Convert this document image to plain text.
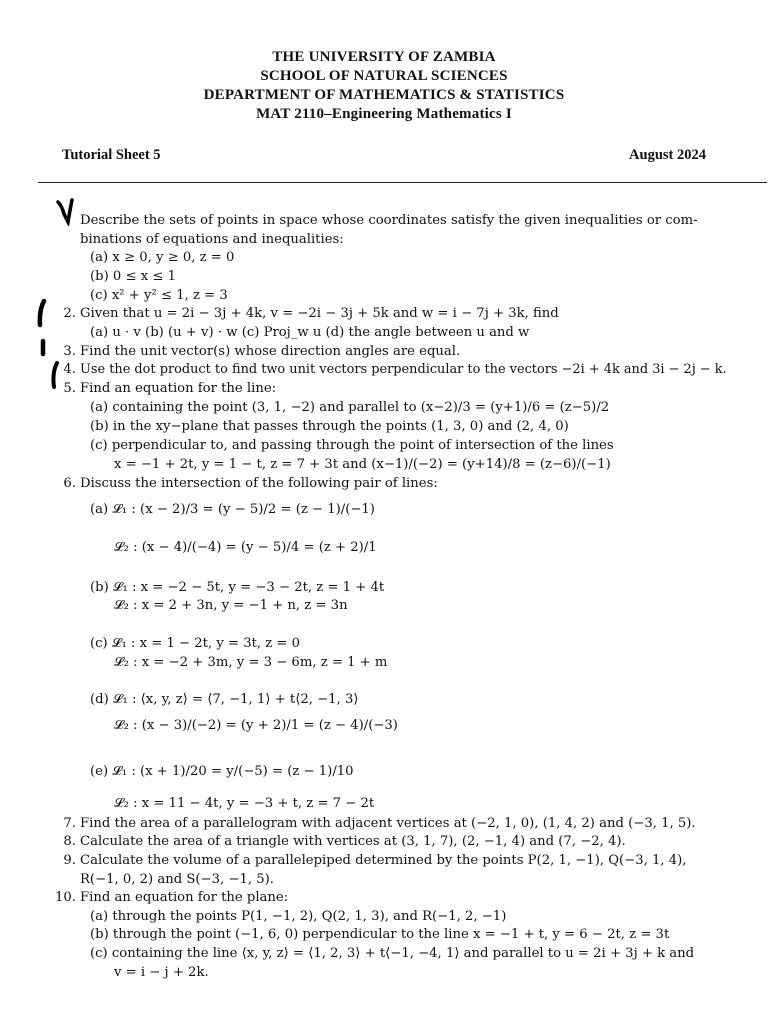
THE UNIVERSITY OF ZAMBIA
SCHOOL OF NATURAL SCIENCES
DEPARTMENT OF MATHEMATICS & STATISTICS
MAT 2110–Engineering Mathematics I
Tutorial Sheet 5	August 2024
Describe the sets of points in space whose coordinates satisfy the given inequalities or com-
binations of equations and inequalities:
(a) x ≥ 0, y ≥ 0, z = 0
(b) 0 ≤ x ≤ 1
(c) x² + y² ≤ 1, z = 3
2. Given that u = 2i − 3j + 4k, v = −2i − 3j + 5k and w = i − 7j + 3k, find
(a) u · v (b) (u + v) · w (c) Proj_w u (d) the angle between u and w
3. Find the unit vector(s) whose direction angles are equal.
4. Use the dot product to find two unit vectors perpendicular to the vectors −2i + 4k and 3i − 2j − k.
5. Find an equation for the line:
(a) containing the point (3, 1, −2) and parallel to (x−2)/3 = (y+1)/6 = (z−5)/2
(b) in the xy−plane that passes through the points (1, 3, 0) and (2, 4, 0)
(c) perpendicular to, and passing through the point of intersection of the lines
x = −1 + 2t, y = 1 − t, z = 7 + 3t and (x−1)/(−2) = (y+14)/8 = (z−6)/(−1)
6. Discuss the intersection of the following pair of lines:
(a) 𝓛₁ : (x − 2)/3 = (y − 5)/2 = (z − 1)/(−1)
𝓛₂ : (x − 4)/(−4) = (y − 5)/4 = (z + 2)/1
(b) 𝓛₁ : x = −2 − 5t, y = −3 − 2t, z = 1 + 4t
𝓛₂ : x = 2 + 3n, y = −1 + n, z = 3n
(c) 𝓛₁ : x = 1 − 2t, y = 3t, z = 0
𝓛₂ : x = −2 + 3m, y = 3 − 6m, z = 1 + m
(d) 𝓛₁ : ⟨x, y, z⟩ = ⟨7, −1, 1⟩ + t⟨2, −1, 3⟩
𝓛₂ : (x − 3)/(−2) = (y + 2)/1 = (z − 4)/(−3)
(e) 𝓛₁ : (x + 1)/20 = y/(−5) = (z − 1)/10
𝓛₂ : x = 11 − 4t, y = −3 + t, z = 7 − 2t
7. Find the area of a parallelogram with adjacent vertices at (−2, 1, 0), (1, 4, 2) and (−3, 1, 5).
8. Calculate the area of a triangle with vertices at (3, 1, 7), (2, −1, 4) and (7, −2, 4).
9. Calculate the volume of a parallelepiped determined by the points P(2, 1, −1), Q(−3, 1, 4),
R(−1, 0, 2) and S(−3, −1, 5).
10. Find an equation for the plane:
(a) through the points P(1, −1, 2), Q(2, 1, 3), and R(−1, 2, −1)
(b) through the point (−1, 6, 0) perpendicular to the line x = −1 + t, y = 6 − 2t, z = 3t
(c) containing the line ⟨x, y, z⟩ = ⟨1, 2, 3⟩ + t⟨−1, −4, 1⟩ and parallel to u = 2i + 3j + k and
v = i − j + 2k.
